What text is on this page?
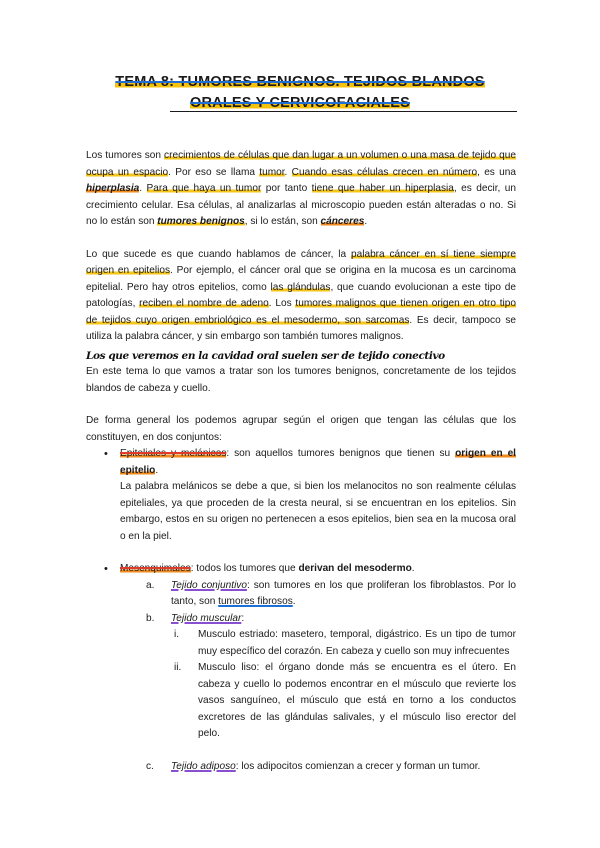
TEMA 8: TUMORES BENIGNOS. TEJIDOS BLANDOS
ORALES Y CERVICOFACIALES

Los tumores son crecimientos de células que dan lugar a un volumen o una masa de tejido que ocupa un espacio. Por eso se llama tumor. Cuando esas células crecen en número, es una hiperplasia. Para que haya un tumor por tanto tiene que haber un hiperplasia, es decir, un crecimiento celular. Esa células, al analizarlas al microscopio pueden están alteradas o no. Si no lo están son tumores benignos, si lo están, son cánceres.

Lo que sucede es que cuando hablamos de cáncer, la palabra cáncer en sí tiene siempre origen en epitelios. Por ejemplo, el cáncer oral que se origina en la mucosa es un carcinoma epitelial. Pero hay otros epitelios, como las glándulas, que cuando evolucionan a este tipo de patologías, reciben el nombre de adeno. Los tumores malignos que tienen origen en otro tipo de tejidos cuyo origen embriológico es el mesodermo, son sarcomas. Es decir, tampoco se utiliza la palabra cáncer, y sin embargo son también tumores malignos.

Los que veremos en la cavidad oral suelen ser de tejido conectivo

En este tema lo que vamos a tratar son los tumores benignos, concretamente de los tejidos blandos de cabeza y cuello.

De forma general los podemos agrupar según el origen que tengan las células que los constituyen, en dos conjuntos:

• Epiteliales y melánicos: son aquellos tumores benignos que tienen su origen en el epitelio.

La palabra melánicos se debe a que, si bien los melanocitos no son realmente células epiteliales, ya que proceden de la cresta neural, si se encuentran en los epitelios. Sin embargo, estos en su origen no pertenecen a esos epitelios, bien sea en la mucosa oral o en la piel.

• Mesenquimales: todos los tumores que derivan del mesodermo.

a. Tejido conjuntivo: son tumores en los que proliferan los fibroblastos. Por lo tanto, son tumores fibrosos.

b. Tejido muscular:

i. Musculo estriado: masetero, temporal, digástrico. Es un tipo de tumor muy específico del corazón. En cabeza y cuello son muy infrecuentes

ii. Musculo liso: el órgano donde más se encuentra es el útero. En cabeza y cuello lo podemos encontrar en el músculo que revierte los vasos sanguíneo, el músculo que está en torno a los conductos excretores de las glándulas salivales, y el músculo liso erector del pelo.

c. Tejido adiposo: los adipocitos comienzan a crecer y forman un tumor.
